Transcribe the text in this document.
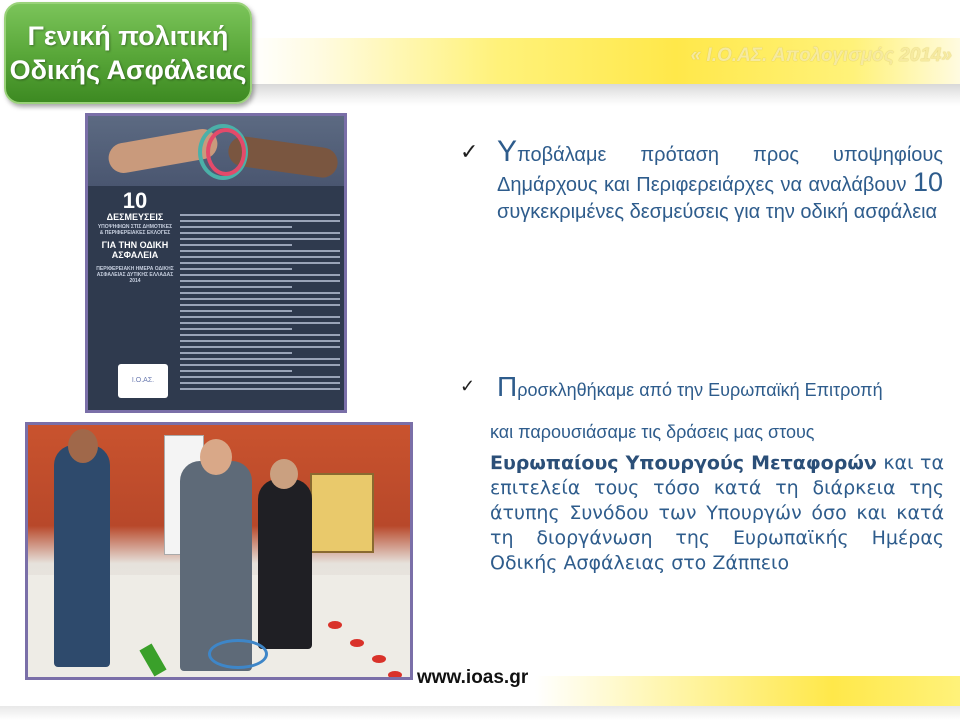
« Ι.Ο.ΑΣ. Απολογισμός 2014»
Γενική πολιτική
Οδικής Ασφάλειας
10
ΔΕΣΜΕΥΣΕΙΣ
ΥΠΟΨΗΦΙΩΝ ΣΤΙΣ ΔΗΜΟΤΙΚΕΣ & ΠΕΡΙΦΕΡΕΙΑΚΕΣ ΕΚΛΟΓΕΣ
ΓΙΑ ΤΗΝ ΟΔΙΚΗ ΑΣΦΑΛΕΙΑ
ΠΕΡΙΦΕΡΕΙΑΚΗ ΗΜΕΡΑ ΟΔΙΚΗΣ ΑΣΦΑΛΕΙΑΣ ΔΥΤΙΚΗΣ ΕΛΛΑΔΑΣ 2014
Ι.Ο.ΑΣ.
✓ Υποβάλαμε πρόταση προς υποψηφίους Δημάρχους και Περιφερειάρχες να αναλάβουν 10 συγκεκριμένες δεσμεύσεις για την οδική ασφάλεια
✓ Προσκληθήκαμε από την Ευρωπαϊκή Επιτροπή
και παρουσιάσαμε τις δράσεις μας στους
Ευρωπαίους Υπουργούς Μεταφορών και τα επιτελεία τους τόσο κατά τη διάρκεια της άτυπης Συνόδου των Υπουργών όσο και κατά τη διοργάνωση της Ευρωπαϊκής Ημέρας Οδικής Ασφάλειας στο Ζάππειο
www.ioas.gr
